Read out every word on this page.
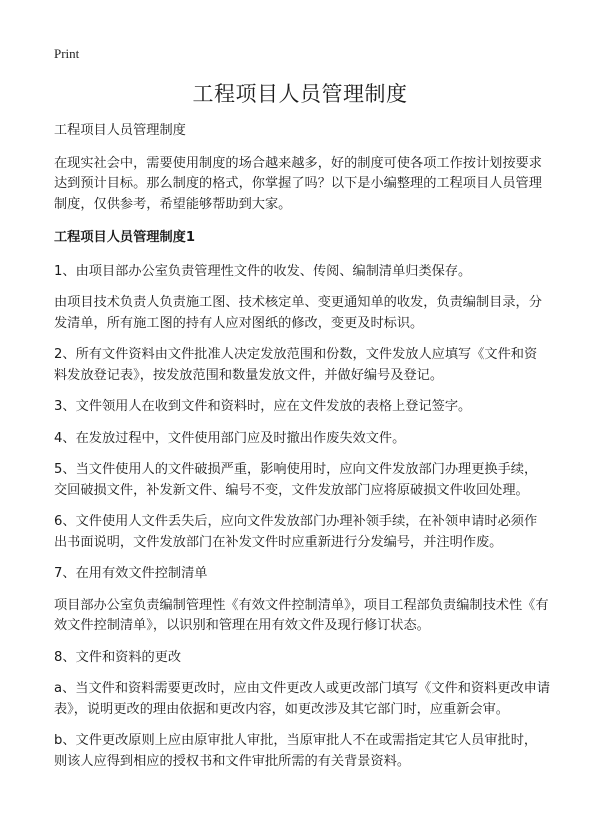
Print
工程项目人员管理制度

工程项目人员管理制度

在现实社会中，需要使用制度的场合越来越多，好的制度可使各项工作按计划按要求达到预计目标。那么制度的格式，你掌握了吗？以下是小编整理的工程项目人员管理制度，仅供参考，希望能够帮助到大家。

工程项目人员管理制度1

1、由项目部办公室负责管理性文件的收发、传阅、编制清单归类保存。

由项目技术负责人负责施工图、技术核定单、变更通知单的收发，负责编制目录，分发清单，所有施工图的持有人应对图纸的修改，变更及时标识。

2、所有文件资料由文件批准人决定发放范围和份数，文件发放人应填写《文件和资料发放登记表》，按发放范围和数量发放文件，并做好编号及登记。

3、文件领用人在收到文件和资料时，应在文件发放的表格上登记签字。

4、在发放过程中，文件使用部门应及时撤出作废失效文件。

5、当文件使用人的文件破损严重，影响使用时，应向文件发放部门办理更换手续，交回破损文件，补发新文件、编号不变，文件发放部门应将原破损文件收回处理。

6、文件使用人文件丢失后，应向文件发放部门办理补领手续，在补领申请时必须作出书面说明，文件发放部门在补发文件时应重新进行分发编号，并注明作废。

7、在用有效文件控制清单

项目部办公室负责编制管理性《有效文件控制清单》，项目工程部负责编制技术性《有效文件控制清单》，以识别和管理在用有效文件及现行修订状态。

8、文件和资料的更改

a、当文件和资料需要更改时，应由文件更改人或更改部门填写《文件和资料更改申请表》，说明更改的理由依据和更改内容，如更改涉及其它部门时，应重新会审。

b、文件更改原则上应由原审批人审批，当原审批人不在或需指定其它人员审批时，则该人应得到相应的授权书和文件审批所需的有关背景资料。
